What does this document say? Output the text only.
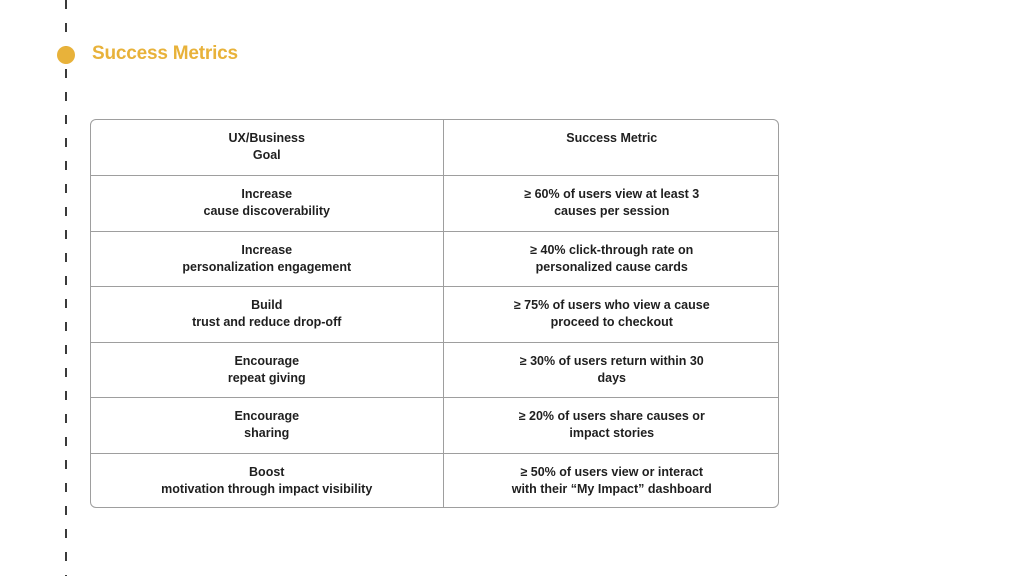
Success Metrics
UX/Business
Goal	Success Metric

Increase
cause discoverability	≥ 60% of users view at least 3
causes per session

Increase
personalization engagement	≥ 40% click-through rate on
personalized cause cards

Build
trust and reduce drop-off	≥ 75% of users who view a cause
proceed to checkout

Encourage
repeat giving	≥ 30% of users return within 30
days

Encourage
sharing	≥ 20% of users share causes or
impact stories

Boost
motivation through impact visibility	≥ 50% of users view or interact
with their “My Impact” dashboard
